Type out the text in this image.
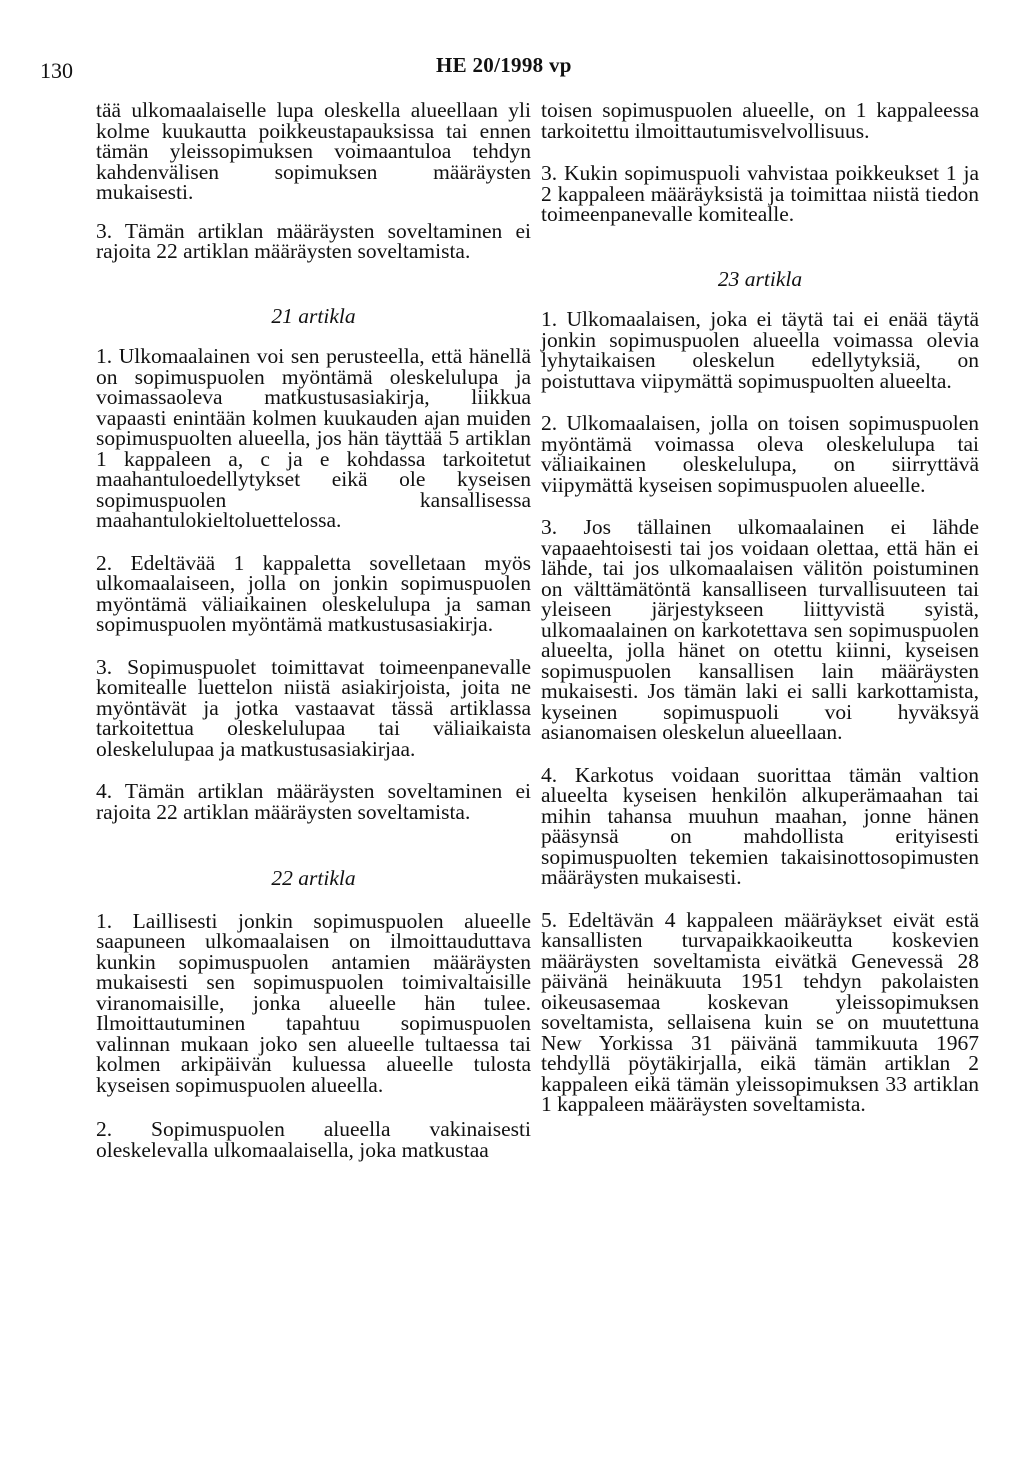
130	HE 20/1998 vp

tää ulkomaalaiselle lupa oleskella alueellaan yli kolme kuukautta poikkeustapauksissa tai ennen tämän yleissopimuksen voimaantuloa tehdyn kahdenvälisen sopimuksen määräysten mukaisesti.

3. Tämän artiklan määräysten soveltaminen ei rajoita 22 artiklan määräysten soveltamista.

21 artikla

1. Ulkomaalainen voi sen perusteella, että hänellä on sopimuspuolen myöntämä oleskelulupa ja voimassaoleva matkustusasiakirja, liikkua vapaasti enintään kolmen kuukauden ajan muiden sopimuspuolten alueella, jos hän täyttää 5 artiklan 1 kappaleen a, c ja e kohdassa tarkoitetut maahantuloedellytykset eikä ole kyseisen sopimuspuolen kansallisessa maahantulokieltoluettelossa.

2. Edeltävää 1 kappaletta sovelletaan myös ulkomaalaiseen, jolla on jonkin sopimuspuolen myöntämä väliaikainen oleskelulupa ja saman sopimuspuolen myöntämä matkustusasiakirja.

3. Sopimuspuolet toimittavat toimeenpanevalle komitealle luettelon niistä asiakirjoista, joita ne myöntävät ja jotka vastaavat tässä artiklassa tarkoitettua oleskelulupaa tai väliaikaista oleskelulupaa ja matkustusasiakirjaa.

4. Tämän artiklan määräysten soveltaminen ei rajoita 22 artiklan määräysten soveltamista.

22 artikla

1. Laillisesti jonkin sopimuspuolen alueelle saapuneen ulkomaalaisen on ilmoittauduttava kunkin sopimuspuolen antamien määräysten mukaisesti sen sopimuspuolen toimivaltaisille viranomaisille, jonka alueelle hän tulee. Ilmoittautuminen tapahtuu sopimuspuolen valinnan mukaan joko sen alueelle tultaessa tai kolmen arkipäivän kuluessa alueelle tulosta kyseisen sopimuspuolen alueella.

2. Sopimuspuolen alueella vakinaisesti oleskelevalla ulkomaalaisella, joka matkustaa

toisen sopimuspuolen alueelle, on 1 kappaleessa tarkoitettu ilmoittautumisvelvollisuus.

3. Kukin sopimuspuoli vahvistaa poikkeukset 1 ja 2 kappaleen määräyksistä ja toimittaa niistä tiedon toimeenpanevalle komitealle.

23 artikla

1. Ulkomaalaisen, joka ei täytä tai ei enää täytä jonkin sopimuspuolen alueella voimassa olevia lyhytaikaisen oleskelun edellytyksiä, on poistuttava viipymättä sopimuspuolten alueelta.

2. Ulkomaalaisen, jolla on toisen sopimuspuolen myöntämä voimassa oleva oleskelulupa tai väliaikainen oleskelulupa, on siirryttävä viipymättä kyseisen sopimuspuolen alueelle.

3. Jos tällainen ulkomaalainen ei lähde vapaaehtoisesti tai jos voidaan olettaa, että hän ei lähde, tai jos ulkomaalaisen välitön poistuminen on välttämätöntä kansalliseen turvallisuuteen tai yleiseen järjestykseen liittyvistä syistä, ulkomaalainen on karkotettava sen sopimuspuolen alueelta, jolla hänet on otettu kiinni, kyseisen sopimuspuolen kansallisen lain määräysten mukaisesti. Jos tämän laki ei salli karkottamista, kyseinen sopimuspuoli voi hyväksyä asianomaisen oleskelun alueellaan.

4. Karkotus voidaan suorittaa tämän valtion alueelta kyseisen henkilön alkuperämaahan tai mihin tahansa muuhun maahan, jonne hänen pääsynsä on mahdollista erityisesti sopimuspuolten tekemien takaisinottosopimusten määräysten mukaisesti.

5. Edeltävän 4 kappaleen määräykset eivät estä kansallisten turvapaikkaoikeutta koskevien määräysten soveltamista eivätkä Genevessä 28 päivänä heinäkuuta 1951 tehdyn pakolaisten oikeusasemaa koskevan yleissopimuksen soveltamista, sellaisena kuin se on muutettuna New Yorkissa 31 päivänä tammikuuta 1967 tehdyllä pöytäkirjalla, eikä tämän artiklan 2 kappaleen eikä tämän yleissopimuksen 33 artiklan 1 kappaleen määräysten soveltamista.
